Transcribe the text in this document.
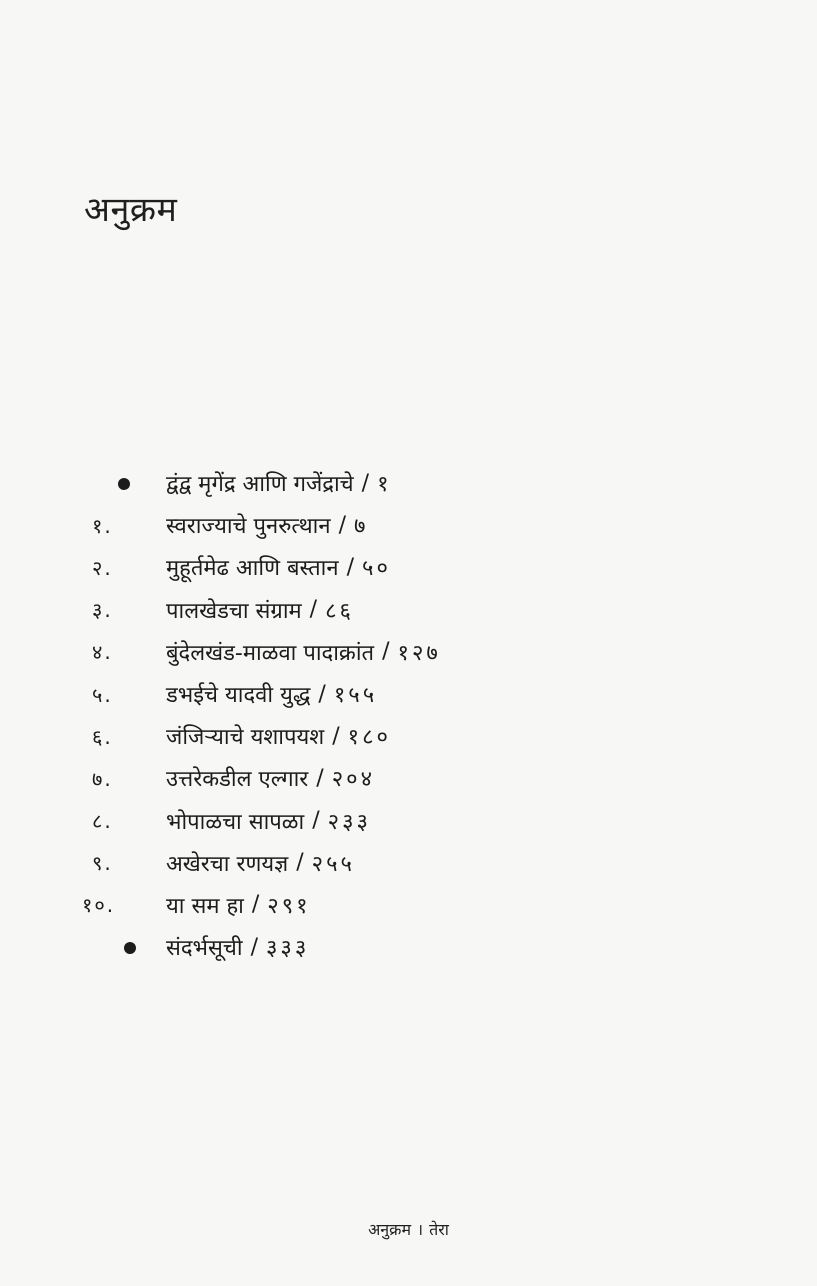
अनुक्रम
द्वंद्व मृगेंद्र आणि गजेंद्राचे / १
१.	स्वराज्याचे पुनरुत्थान / ७
२.	मुहूर्तमेढ आणि बस्तान / ५०
३.	पालखेडचा संग्राम / ८६
४.	बुंदेलखंड-माळवा पादाक्रांत / १२७
५.	डभईचे यादवी युद्ध / १५५
६.	जंजिऱ्याचे यशापयश / १८०
७.	उत्तरेकडील एल्गार / २०४
८.	भोपाळचा सापळा / २३३
९.	अखेरचा रणयज्ञ / २५५
१०.	या सम हा / २९१
संदर्भसूची / ३३३
अनुक्रम । तेरा
